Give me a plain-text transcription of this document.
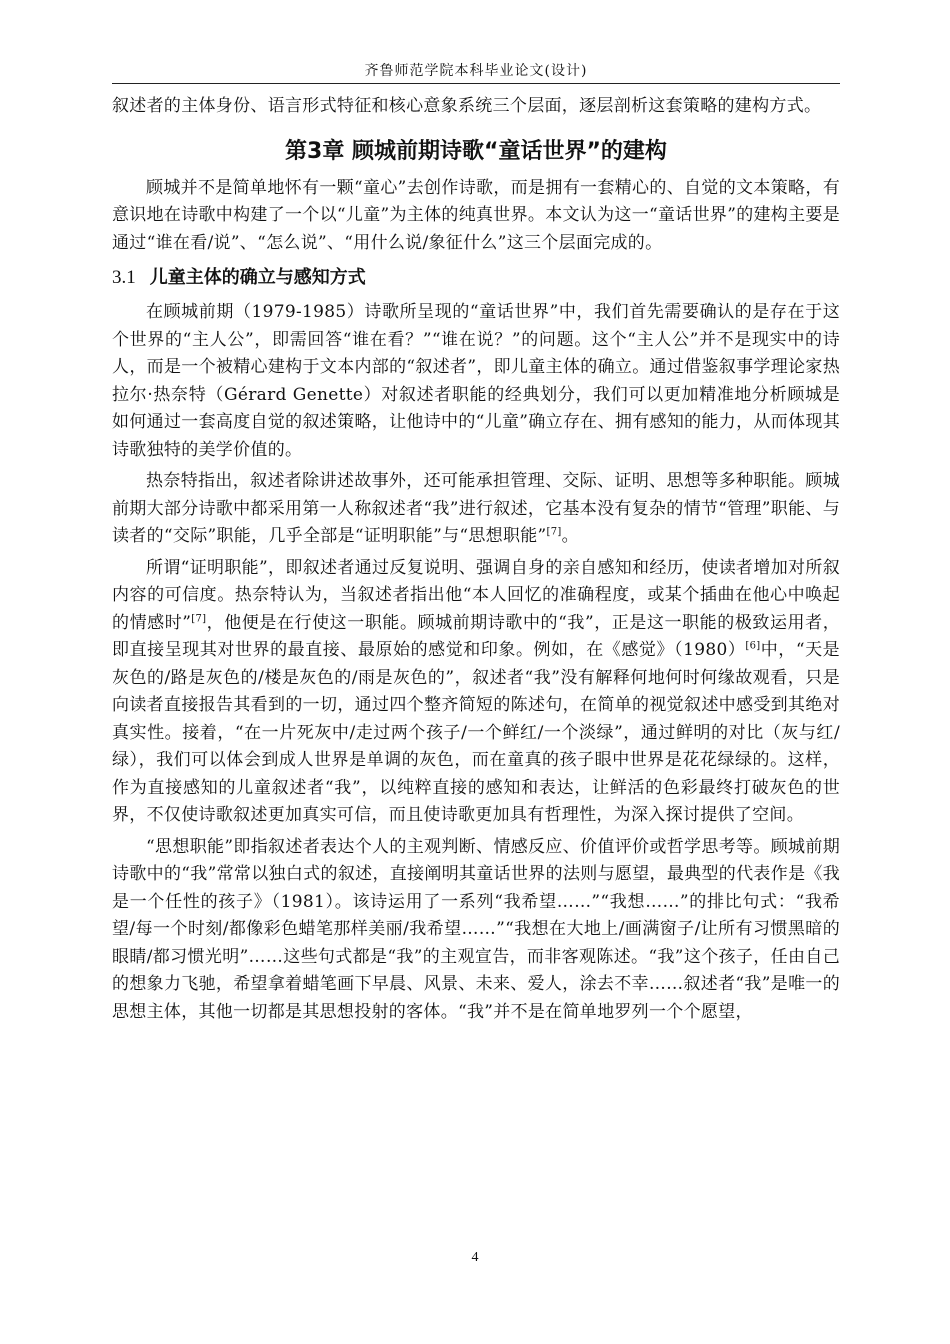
齐鲁师范学院本科毕业论文(设计)

叙述者的主体身份、语言形式特征和核心意象系统三个层面，逐层剖析这套策略的建构方式。

第3章 顾城前期诗歌“童话世界”的建构

顾城并不是简单地怀有一颗“童心”去创作诗歌，而是拥有一套精心的、自觉的文本策略，有意识地在诗歌中构建了一个以“儿童”为主体的纯真世界。本文认为这一“童话世界”的建构主要是通过“谁在看/说”、“怎么说”、“用什么说/象征什么”这三个层面完成的。

3.1 儿童主体的确立与感知方式

在顾城前期（1979-1985）诗歌所呈现的“童话世界”中，我们首先需要确认的是存在于这个世界的“主人公”，即需回答“谁在看？”“谁在说？”的问题。这个“主人公”并不是现实中的诗人，而是一个被精心建构于文本内部的“叙述者”，即儿童主体的确立。通过借鉴叙事学理论家热拉尔·热奈特（Gérard Genette）对叙述者职能的经典划分，我们可以更加精准地分析顾城是如何通过一套高度自觉的叙述策略，让他诗中的“儿童”确立存在、拥有感知的能力，从而体现其诗歌独特的美学价值的。

热奈特指出，叙述者除讲述故事外，还可能承担管理、交际、证明、思想等多种职能。顾城前期大部分诗歌中都采用第一人称叙述者“我”进行叙述，它基本没有复杂的情节“管理”职能、与读者的“交际”职能，几乎全部是“证明职能”与“思想职能”[7]。

所谓“证明职能”，即叙述者通过反复说明、强调自身的亲自感知和经历，使读者增加对所叙内容的可信度。热奈特认为，当叙述者指出他“本人回忆的准确程度，或某个插曲在他心中唤起的情感时”[7]，他便是在行使这一职能。顾城前期诗歌中的“我”，正是这一职能的极致运用者，即直接呈现其对世界的最直接、最原始的感觉和印象。例如，在《感觉》（1980）[6]中，“天是灰色的/路是灰色的/楼是灰色的/雨是灰色的”，叙述者“我”没有解释何地何时何缘故观看，只是向读者直接报告其看到的一切，通过四个整齐简短的陈述句，在简单的视觉叙述中感受到其绝对真实性。接着，“在一片死灰中/走过两个孩子/一个鲜红/一个淡绿”，通过鲜明的对比（灰与红/绿），我们可以体会到成人世界是单调的灰色，而在童真的孩子眼中世界是花花绿绿的。这样，作为直接感知的儿童叙述者“我”，以纯粹直接的感知和表达，让鲜活的色彩最终打破灰色的世界，不仅使诗歌叙述更加真实可信，而且使诗歌更加具有哲理性，为深入探讨提供了空间。

“思想职能”即指叙述者表达个人的主观判断、情感反应、价值评价或哲学思考等。顾城前期诗歌中的“我”常常以独白式的叙述，直接阐明其童话世界的法则与愿望，最典型的代表作是《我是一个任性的孩子》（1981）。该诗运用了一系列“我希望……”“我想……”的排比句式：“我希望/每一个时刻/都像彩色蜡笔那样美丽/我希望……”“我想在大地上/画满窗子/让所有习惯黑暗的眼睛/都习惯光明”……这些句式都是“我”的主观宣告，而非客观陈述。“我”这个孩子，任由自己的想象力飞驰，希望拿着蜡笔画下早晨、风景、未来、爱人，涂去不幸……叙述者“我”是唯一的思想主体，其他一切都是其思想投射的客体。“我”并不是在简单地罗列一个个愿望，

4
